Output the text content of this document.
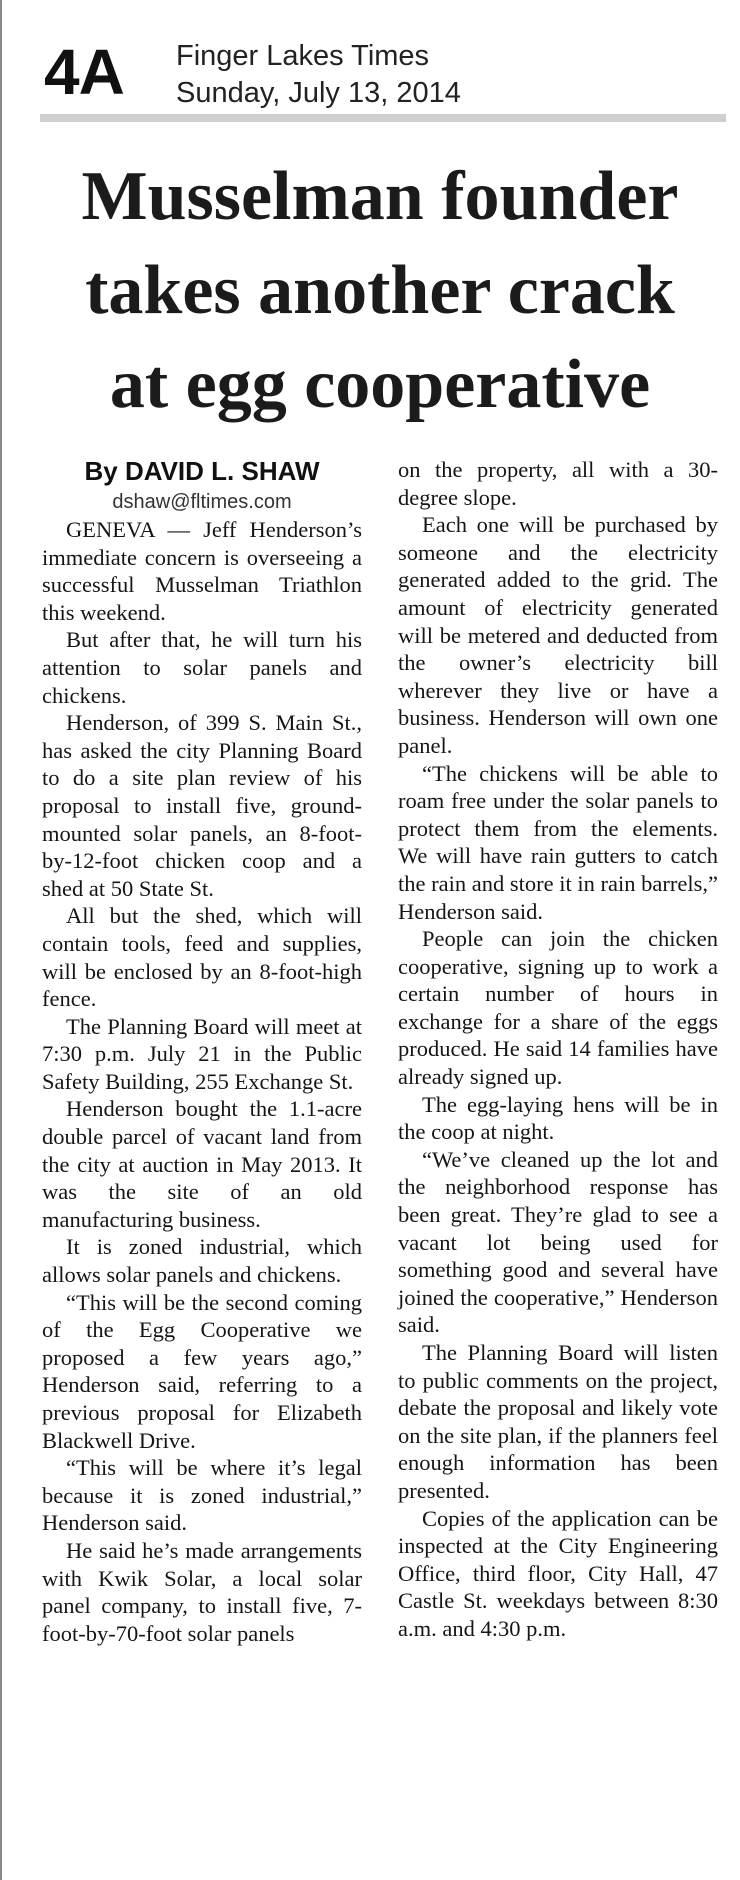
4A Finger Lakes Times
Sunday, July 13, 2014
Musselman founder
takes another crack
at egg cooperative
By DAVID L. SHAW
dshaw@fltimes.com

GENEVA — Jeff Henderson’s immediate concern is overseeing a successful Musselman Triathlon this weekend.

But after that, he will turn his attention to solar panels and chickens.

Henderson, of 399 S. Main St., has asked the city Planning Board to do a site plan review of his proposal to install five, ground-mounted solar panels, an 8-foot-by-12-foot chicken coop and a shed at 50 State St.

All but the shed, which will contain tools, feed and supplies, will be enclosed by an 8-foot-high fence.

The Planning Board will meet at 7:30 p.m. July 21 in the Public Safety Building, 255 Exchange St.

Henderson bought the 1.1-acre double parcel of vacant land from the city at auction in May 2013. It was the site of an old manufacturing business.

It is zoned industrial, which allows solar panels and chickens.

“This will be the second coming of the Egg Cooperative we proposed a few years ago,” Henderson said, referring to a previous proposal for Elizabeth Blackwell Drive.

“This will be where it’s legal because it is zoned industrial,” Henderson said.

He said he’s made arrangements with Kwik Solar, a local solar panel company, to install five, 7-foot-by-70-foot solar panels

on the property, all with a 30-degree slope.

Each one will be purchased by someone and the electricity generated added to the grid. The amount of electricity generated will be metered and deducted from the owner’s electricity bill wherever they live or have a business. Henderson will own one panel.

“The chickens will be able to roam free under the solar panels to protect them from the elements. We will have rain gutters to catch the rain and store it in rain barrels,” Henderson said.

People can join the chicken cooperative, signing up to work a certain number of hours in exchange for a share of the eggs produced. He said 14 families have already signed up.

The egg-laying hens will be in the coop at night.

“We’ve cleaned up the lot and the neighborhood response has been great. They’re glad to see a vacant lot being used for something good and several have joined the cooperative,” Henderson said.

The Planning Board will listen to public comments on the project, debate the proposal and likely vote on the site plan, if the planners feel enough information has been presented.

Copies of the application can be inspected at the City Engineering Office, third floor, City Hall, 47 Castle St. weekdays between 8:30 a.m. and 4:30 p.m.
